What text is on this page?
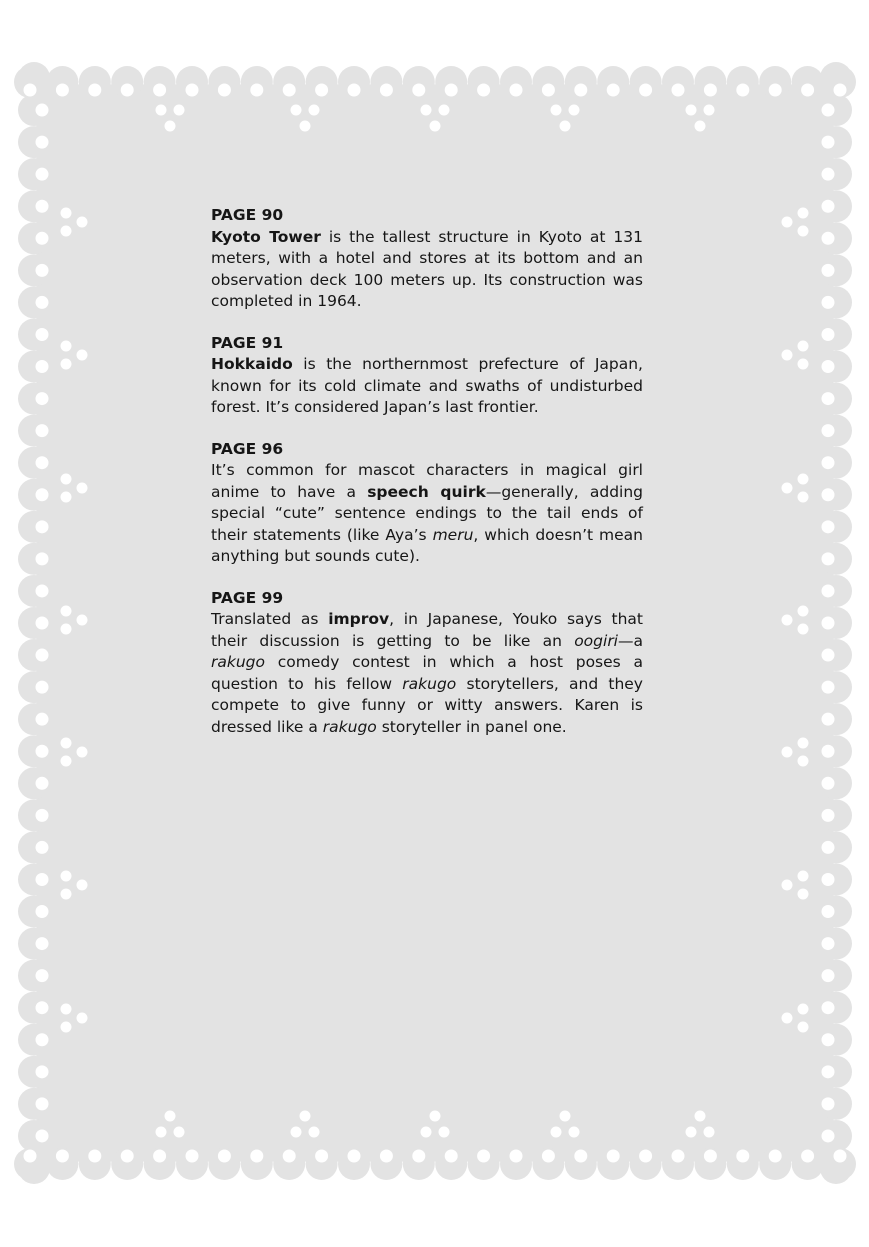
PAGE 90

Kyoto Tower is the tallest structure in Kyoto at 131 meters, with a hotel and stores at its bottom and an observation deck 100 meters up. Its construction was completed in 1964.

PAGE 91

Hokkaido is the northernmost prefecture of Japan, known for its cold climate and swaths of undisturbed forest. It’s considered Japan’s last frontier.

PAGE 96

It’s common for mascot characters in magical girl anime to have a speech quirk—generally, adding special “cute” sentence endings to the tail ends of their statements (like Aya’s meru, which doesn’t mean anything but sounds cute).

PAGE 99

Translated as improv, in Japanese, Youko says that their discussion is getting to be like an oogiri—a rakugo comedy contest in which a host poses a question to his fellow rakugo storytellers, and they compete to give funny or witty answers. Karen is dressed like a rakugo storyteller in panel one.
